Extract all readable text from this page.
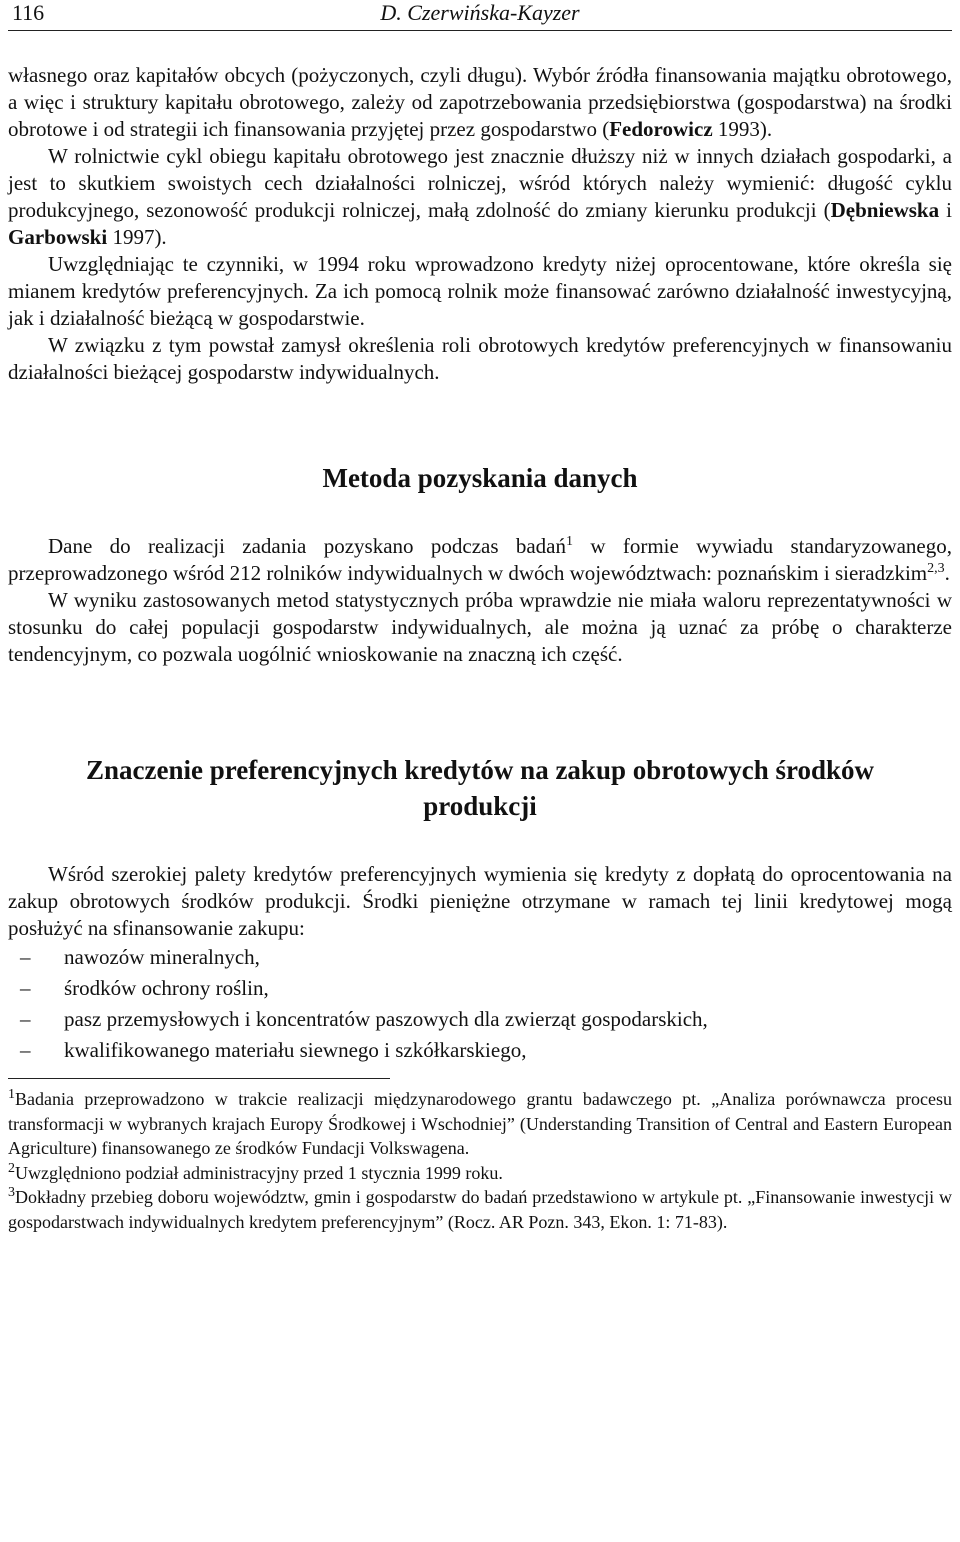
116	D. Czerwińska-Kayzer

własnego oraz kapitałów obcych (pożyczonych, czyli długu). Wybór źródła finansowania majątku obrotowego, a więc i struktury kapitału obrotowego, zależy od zapotrzebowania przedsiębiorstwa (gospodarstwa) na środki obrotowe i od strategii ich finansowania przyjętej przez gospodarstwo (Fedorowicz 1993).

W rolnictwie cykl obiegu kapitału obrotowego jest znacznie dłuższy niż w innych działach gospodarki, a jest to skutkiem swoistych cech działalności rolniczej, wśród których należy wymienić: długość cyklu produkcyjnego, sezonowość produkcji rolniczej, małą zdolność do zmiany kierunku produkcji (Dębniewska i Garbowski 1997).

Uwzględniając te czynniki, w 1994 roku wprowadzono kredyty niżej oprocentowane, które określa się mianem kredytów preferencyjnych. Za ich pomocą rolnik może finansować zarówno działalność inwestycyjną, jak i działalność bieżącą w gospodarstwie.

W związku z tym powstał zamysł określenia roli obrotowych kredytów preferencyjnych w finansowaniu działalności bieżącej gospodarstw indywidualnych.

Metoda pozyskania danych

Dane do realizacji zadania pozyskano podczas badań$^1$ w formie wywiadu standaryzowanego, przeprowadzonego wśród 212 rolników indywidualnych w dwóch województwach: poznańskim i sieradzkim$^{2,3}$.

W wyniku zastosowanych metod statystycznych próba wprawdzie nie miała waloru reprezentatywności w stosunku do całej populacji gospodarstw indywidualnych, ale można ją uznać za próbę o charakterze tendencyjnym, co pozwala uogólnić wnioskowanie na znaczną ich część.

Znaczenie preferencyjnych kredytów na zakup obrotowych środków
produkcji

Wśród szerokiej palety kredytów preferencyjnych wymienia się kredyty z dopłatą do oprocentowania na zakup obrotowych środków produkcji. Środki pieniężne otrzymane w ramach tej linii kredytowej mogą posłużyć na sfinansowanie zakupu:

– nawozów mineralnych,
– środków ochrony roślin,
– pasz przemysłowych i koncentratów paszowych dla zwierząt gospodarskich,
– kwalifikowanego materiału siewnego i szkółkarskiego,

$^1$Badania przeprowadzono w trakcie realizacji międzynarodowego grantu badawczego pt. „Analiza porównawcza procesu transformacji w wybranych krajach Europy Środkowej i Wschodniej” (Understanding Transition of Central and Eastern European Agriculture) finansowanego ze środków Fundacji Volkswagena.

$^2$Uwzględniono podział administracyjny przed 1 stycznia 1999 roku.

$^3$Dokładny przebieg doboru województw, gmin i gospodarstw do badań przedstawiono w artykule pt. „Finansowanie inwestycji w gospodarstwach indywidualnych kredytem preferencyjnym” (Rocz. AR Pozn. 343, Ekon. 1: 71-83).
